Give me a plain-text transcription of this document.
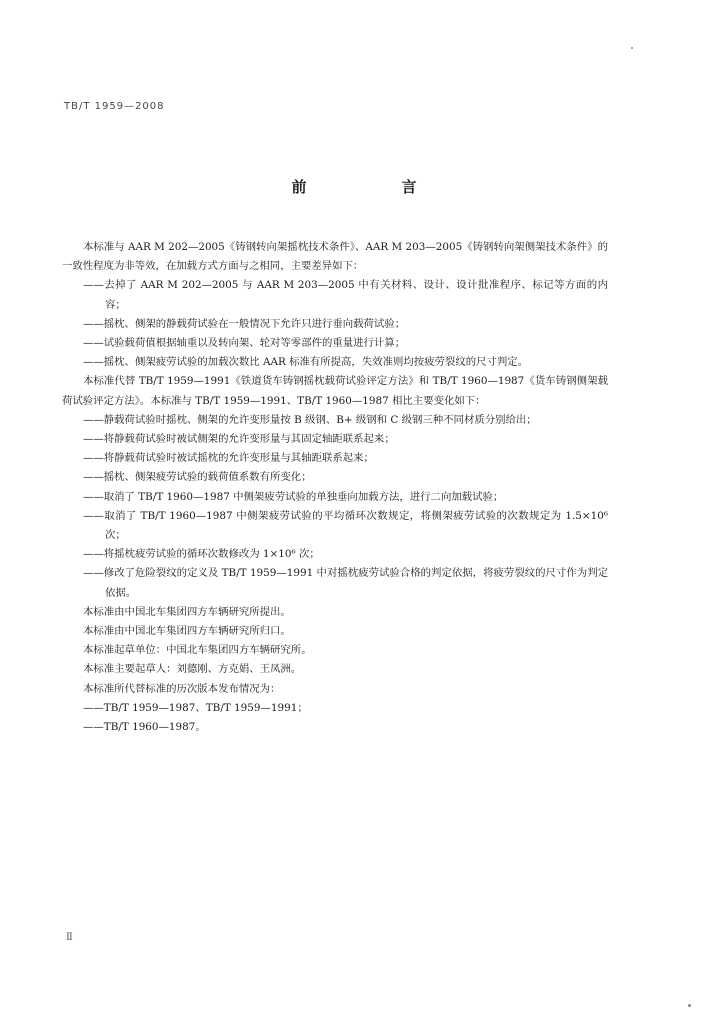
TB/T 1959—2008
前　言

本标准与 AAR M 202—2005《铸钢转向架摇枕技术条件》、AAR M 203—2005《铸钢转向架侧架技术条件》的一致性程度为非等效，在加载方式方面与之相同，主要差异如下：

——去掉了 AAR M 202—2005 与 AAR M 203—2005 中有关材料、设计、设计批准程序、标记等方面的内容；

——摇枕、侧架的静载荷试验在一般情况下允许只进行垂向载荷试验；

——试验载荷值根据轴重以及转向架、轮对等零部件的重量进行计算；

——摇枕、侧架疲劳试验的加载次数比 AAR 标准有所提高，失效准则均按疲劳裂纹的尺寸判定。

本标准代替 TB/T 1959—1991《铁道货车铸钢摇枕载荷试验评定方法》和 TB/T 1960—1987《货车铸钢侧架载荷试验评定方法》。本标准与 TB/T 1959—1991、TB/T 1960—1987 相比主要变化如下：

——静载荷试验时摇枕、侧架的允许变形量按 B 级钢、B+ 级钢和 C 级钢三种不同材质分别给出；

——将静载荷试验时被试侧架的允许变形量与其固定轴距联系起来；

——将静载荷试验时被试摇枕的允许变形量与其轴距联系起来；

——摇枕、侧架疲劳试验的载荷值系数有所变化；

——取消了 TB/T 1960—1987 中侧架疲劳试验的单独垂向加载方法，进行二向加载试验；

——取消了 TB/T 1960—1987 中侧架疲劳试验的平均循环次数规定，将侧架疲劳试验的次数规定为 1.5×10⁶ 次；

——将摇枕疲劳试验的循环次数修改为 1×10⁶ 次；

——修改了危险裂纹的定义及 TB/T 1959—1991 中对摇枕疲劳试验合格的判定依据，将疲劳裂纹的尺寸作为判定依据。

本标准由中国北车集团四方车辆研究所提出。

本标准由中国北车集团四方车辆研究所归口。

本标准起草单位：中国北车集团四方车辆研究所。

本标准主要起草人：刘德刚、方克娟、王凤洲。

本标准所代替标准的历次版本发布情况为：

——TB/T 1959—1987、TB/T 1959—1991；

——TB/T 1960—1987。

Ⅱ
